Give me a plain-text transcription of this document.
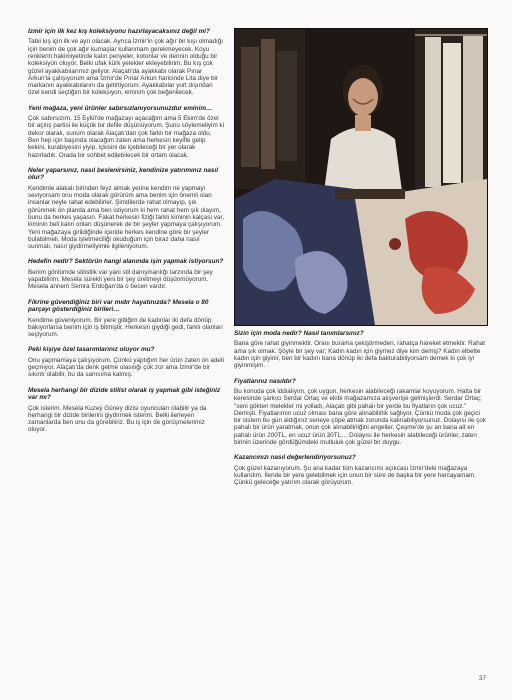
İzmir için ilk kez kış koleksiyonu hazırlayacaksınız değil mi?

Tabii kış için ilk ve ayrı olacak. Ayrıca İzmir'in çok ağır bir kışı olmadığı için benim de çok ağır kumaşlar kullanmam gerekmeyecek. Koyu renklerin hakimiyetinde kalın penyeler, kotonlar ve derinin olduğu bir koleksiyon oluyor. Belki ufak kürk yelekler ekleyebilirim. Bu kış çok güzel ayakkabılarımız geliyor. Alaçatı'da ayakkabı olarak Pınar Arkun'la çalışıyorum ama İzmir'de Pınar Arkun haricinde Lita diye bir markanın ayakkabılarını da getirtiyorum. Ayakkabılar yurt dışından özel kendi seçtiğim bir koleksiyon, eminim çok beğenilecek.

Yeni mağaza, yeni ürünler sabırsızlanıyorsunuzdur eminim…

Çok sabırsızım. 15 Eylül'de mağazayı açacağım ama 5 Ekim'de özel bir açılış partisi ile küçük bir defile düşünüyorum. Şunu söylemeliyim ki dekor olarak, sunum olarak Alaçatı'dan çok farklı bir mağaza oldu. Ben hep için başında olacağım zaten ama herkesin keyifle gelip kekini, kurabiyesini yiyip, içkisini de içebileceği bir yer olarak hazırladık. Orada bir sohbet edilebilecek bir ortam olacak.

Neler yaparsınız, nasıl beslenirsiniz, kendinize yatırımınız nasıl olur?

Kendimle alakalı birinden feyz almak yerine kendim ne yapmayı seviyorsam onu moda olarak görürüm ama benim için önemli olan insanlar neyle rahat edebilirler. Şimdilerde rahat olmayıp, şık görünmek ön planda ama ben istiyorum ki hem rahat hem şık olayım, bunu da herkes yaşasın. Fakat herkesin fiziği farklı kiminin kalçası var, kiminin beli kalın onları düşünerek de bir şeyler yapmaya çalışıyorum. Yeni mağazaya girildiğinde içeride herkes kendine göre bir şeyler bulabilmeli. Moda işletmeciliği okuduğum için biraz daha nasıl sunmalı, nasıl giydirmeliyimle ilgileniyorum.

Hedefin nedir? Sektörün hangi alanında işin yapmak istiyorsun?

Benim gönlümde stilistlik var yani stil danışmanlığı tarzında bir şey yapabilirim. Mesela sürekli yeni bir şey üretmeyi düşünmüyorum. Mesela annem Semra Erdoğan'da o beceri vardır.

Fikrine güvendiğiniz biri var mıdır hayatınızda? Mesela o 80 parçayı gösterdiğiniz birileri…

Kendime güveniyorum. Bir yere gittiğim de kadınlar iki defa dönüp bakıyorlarsa benim için iş bitmiştir. Herkesin giydiği gedi, farklı olanları seçiyorum.

Peki kişiye özel tasarımlarınız oluyor mu?

Onu yapmamaya çalışıyorum. Çünkü yaptığım her ürün zaten on adeti geçmiyor. Alaçatı'da denk gelme olasılığı çok zor ama İzmir'de bir sıkıntı olabilir, bu da sanısıma kalmış.

Mesela herhangi bir dizide stilist olarak iş yapmak gibi isteğiniz var mı?

Çok isterim. Mesela Kuzey Güney dizisi oyuncuları olabilir ya da herhangi bir dizide birilerini giydirmek isterim. Belki ilerleyen zamanlarda ben onu da görebiliriz. Bu iş için de görüşmelerimiz oluyor.

Sizin için moda nedir? Nasıl tanımlarsınız?

Bana göre rahat giyinmektir. Oranı burama çekiştirmeden, rahatça hareket etmektir. Rahat ama şık olmak. Şöyle bir şey var; Kadın kadın için giymez diye kim demiş? Kadın elbette kadın için giyinir, ben bir kadını bana dönüp iki defa bakturabiliyorsam demek ki çok iyi giyinmişim.

Fiyatlarınız nasıldır?

Bu konuda çok iddialıyım, çok uygun, herkesin alabileceği rakamlar koyuyorum. Hatta bir keresinde şarkıcı Serdar Ortaç ve ekibi mağazamıza alışverişe gelmişlerdi. Serdar Ortaç; "seni gökten melekler mi yolladı, Alaçatı gibi pahalı bir yerde bu fiyatların çok ucuz." Demişti. Fiyatlarımın ucuz olması bana göre alınabilirlik sağlıyor. Çünkü moda çok geçici bir sistem bu gün aldığınız seneye çöpe atmak zorunda kalınabiliyorsunuz. Dolayısı ile çok pahalı bir ürün yaratmak, onun çok alınabilirliğini engeller. Çeşme'de şu an bana ait en pahalı ürün 200TL, en ucuz ürün 30TL… Dolayısı ile herkesin alabileceği ürünler, zaten birinin üzerinde gördüğümdeki mutluluk çok güzel bir duygu.

Kazancınızı nasıl değerlendiriyorsunuz?

Çok güzel kazanıyorum. Şu ana kadar tüm kazancımı açıkcası İzmir'deki mağazaya kullandım. İleride bir yere gelebilmek için unun bir süre de başka bir yere harcayamam. Çünkü geleceğe yatırım olarak görüyorum.

37
